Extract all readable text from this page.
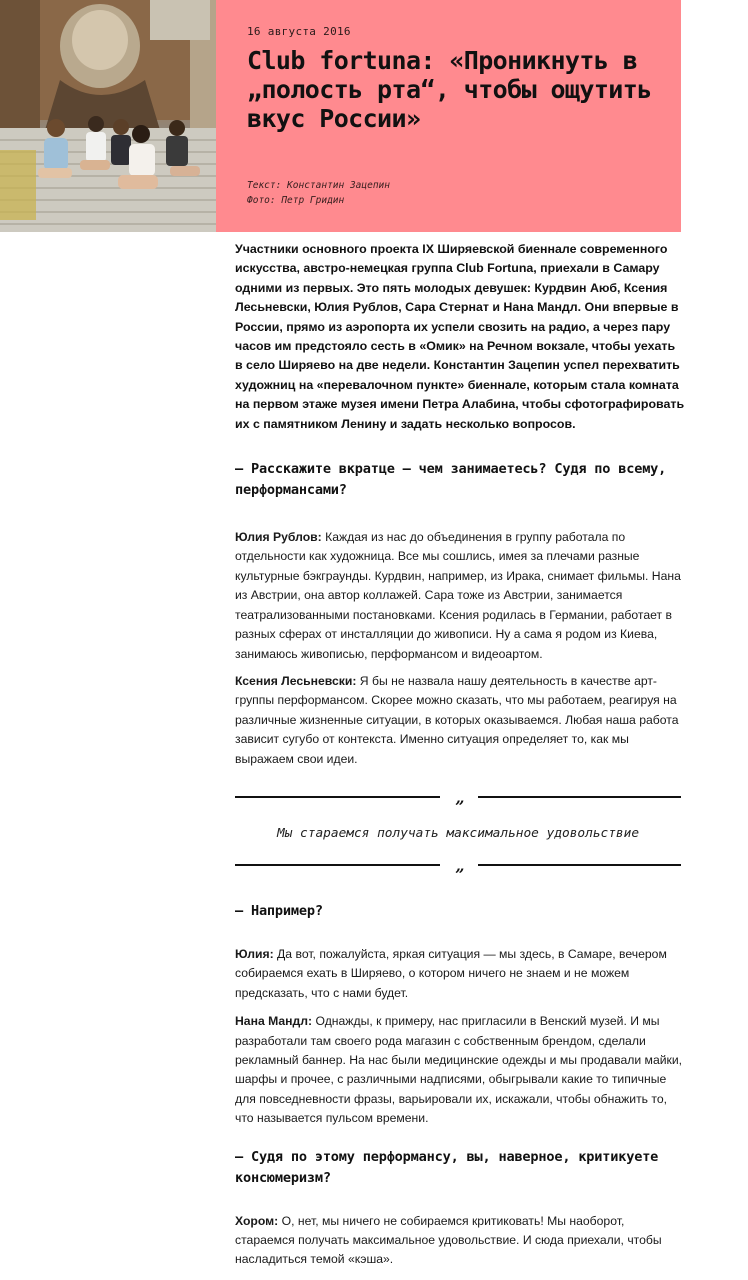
16 августа 2016
Club fortuna: «Проникнуть в „полость рта“, чтобы ощутить вкус России»
Текст: Константин Зацепин
Фото: Петр Гридин

Участники основного проекта IX Ширяевской биеннале современного искусства, австро-немецкая группа Club Fortuna, приехали в Самару одними из первых. Это пять молодых девушек: Курдвин Аюб, Ксения Лесьневски, Юлия Рублов, Сара Стернат и Нана Мандл. Они впервые в России, прямо из аэропорта их успели свозить на радио, а через пару часов им предстояло сесть в «Омик» на Речном вокзале, чтобы уехать в село Ширяево на две недели. Константин Зацепин успел перехватить художниц на «перевалочном пункте» биеннале, которым стала комната на первом этаже музея имени Петра Алабина, чтобы сфотографировать их с памятником Ленину и задать несколько вопросов.

— Расскажите вкратце — чем занимаетесь? Судя по всему, перформансами?

Юлия Рублов: Каждая из нас до объединения в группу работала по отдельности как художница. Все мы сошлись, имея за плечами разные культурные бэкграунды. Курдвин, например, из Иракa, снимает фильмы. Нана из Австрии, она автор коллажей. Сара тоже из Австрии, занимается театрализованными постановками. Ксения родилась в Германии, работает в разных сферах от инсталляции до живописи. Ну а сама я родом из Киева, занимаюсь живописью, перформансом и видеоартом.

Ксения Лесьневски: Я бы не назвала нашу деятельность в качестве арт-группы перформансом. Скорее можно сказать, что мы работаем, реагируя на различные жизненные ситуации, в которых оказываемся. Любая наша работа зависит сугубо от контекста. Именно ситуация определяет то, как мы выражаем свои идеи.

„

Мы стараемся получать максимальное удовольствие

„

— Например?

Юлия: Да вот, пожалуйста, яркая ситуация — мы здесь, в Самаре, вечером собираемся ехать в Ширяево, о котором ничего не знаем и не можем предсказать, что с нами будет.

Нана Мандл: Однажды, к примеру, нас пригласили в Венский музей. И мы разработали там своего рода магазин с собственным брендом, сделали рекламный баннер. На нас были медицинские одежды и мы продавали майки, шарфы и прочее, с различными надписями, обыгрывали какие то типичные для повседневности фразы, варьировали их, искажали, чтобы обнажить то, что называется пульсом времени.

— Судя по этому перформансу, вы, наверное, критикуете консюмеризм?

Хором: О, нет, мы ничего не собираемся критиковать! Мы наоборот, стараемся получать максимальное удовольствие. И сюда приехали, чтобы насладиться темой «кэша».
